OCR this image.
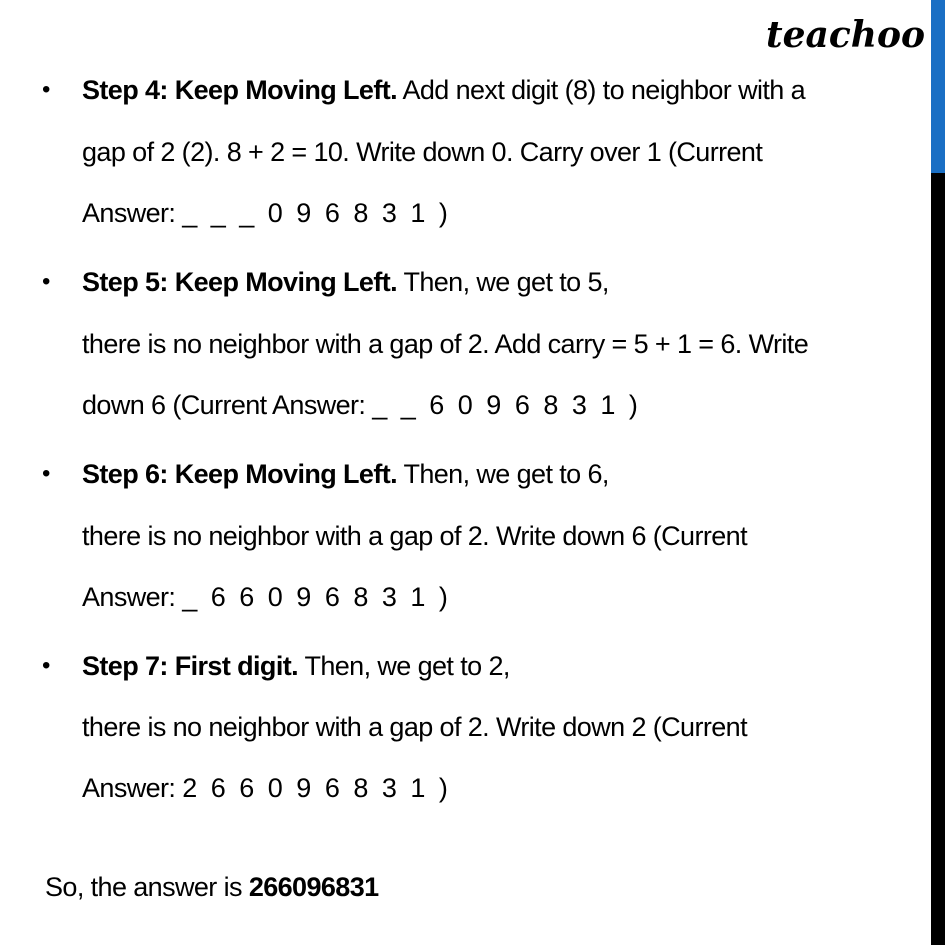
teachoo
• Step 4: Keep Moving Left. Add next digit (8) to neighbor with a
gap of 2 (2). 8 + 2 = 10. Write down 0. Carry over 1 (Current
Answer: _ _ _ 0 9 6 8 3 1 )
• Step 5: Keep Moving Left. Then, we get to 5,
there is no neighbor with a gap of 2. Add carry = 5 + 1 = 6. Write
down 6 (Current Answer: _ _ 6 0 9 6 8 3 1 )
• Step 6: Keep Moving Left. Then, we get to 6,
there is no neighbor with a gap of 2. Write down 6 (Current
Answer: _ 6 6 0 9 6 8 3 1 )
• Step 7: First digit. Then, we get to 2,
there is no neighbor with a gap of 2. Write down 2 (Current
Answer: 2 6 6 0 9 6 8 3 1 )
So, the answer is 266096831
